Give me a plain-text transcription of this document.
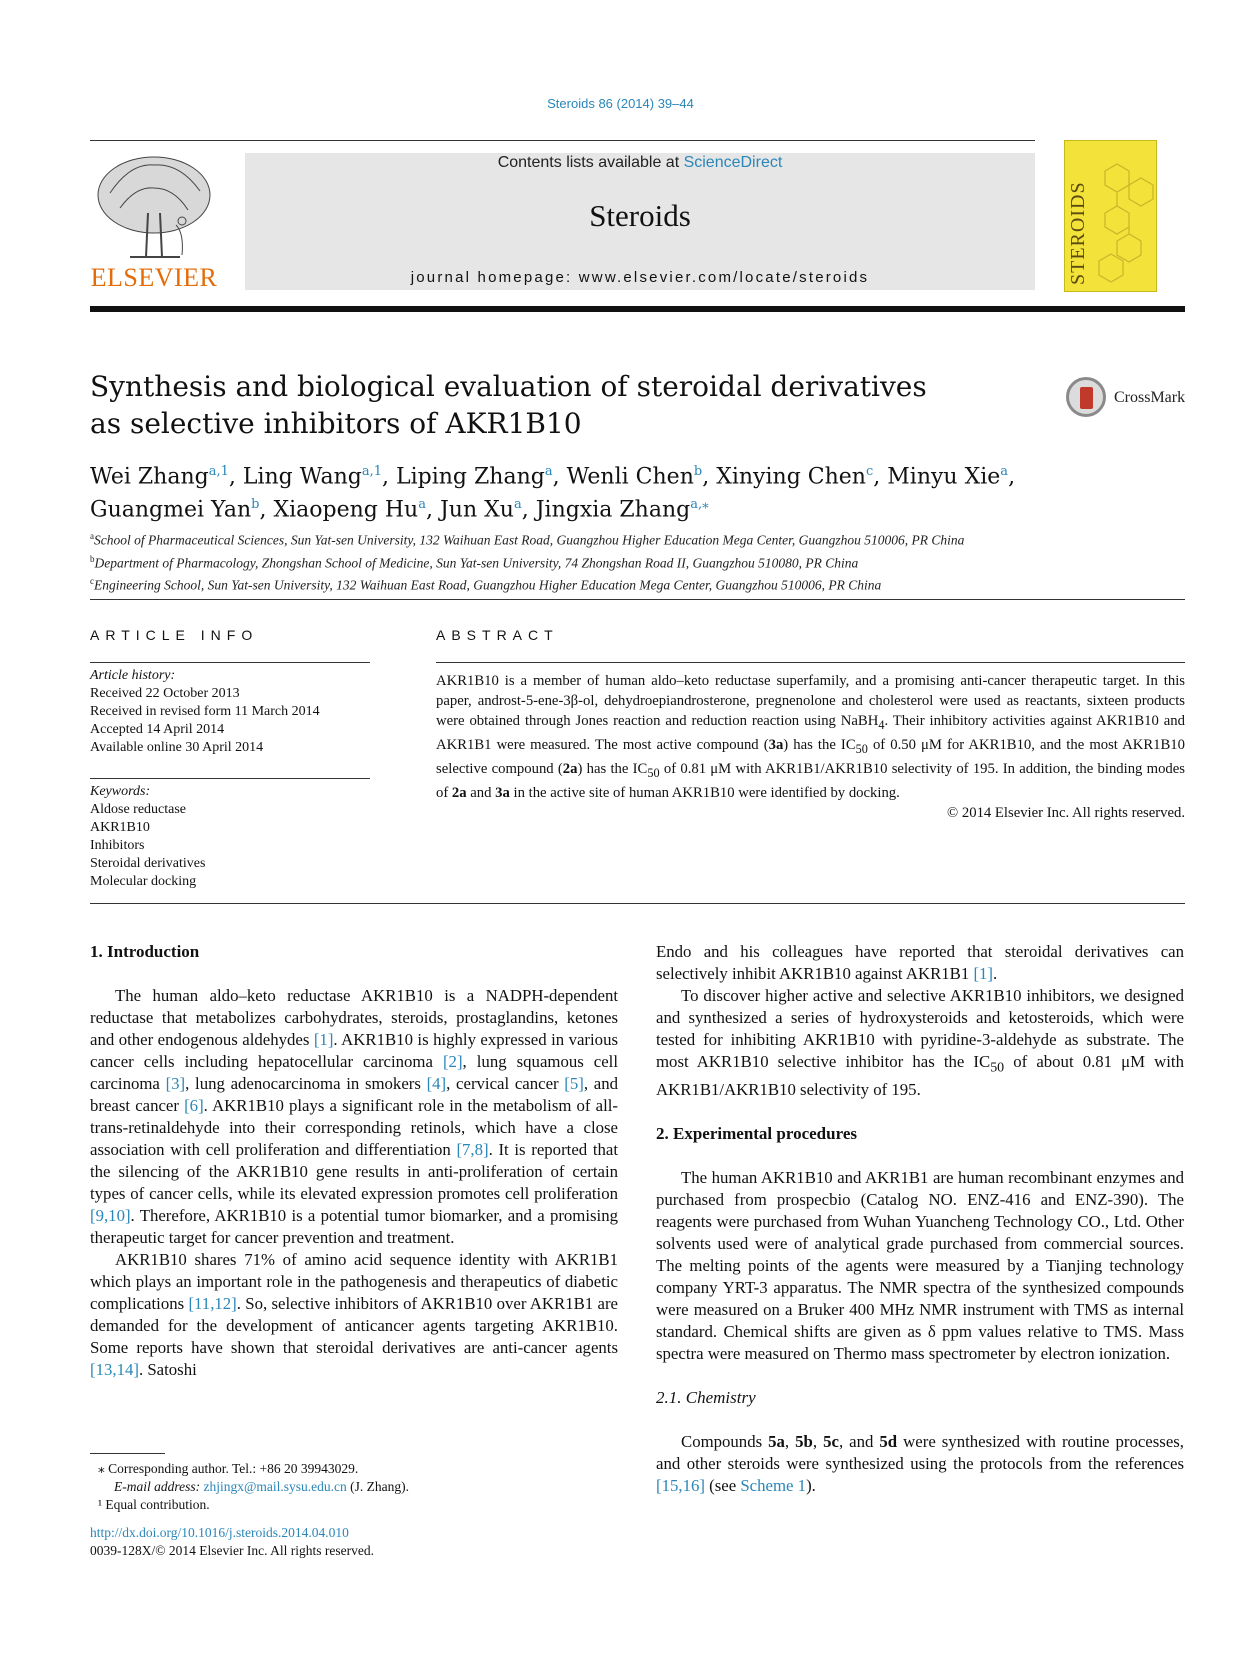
Steroids 86 (2014) 39–44
ELSEVIER
Contents lists available at ScienceDirect
Steroids
journal homepage: www.elsevier.com/locate/steroids	STEROIDS
Synthesis and biological evaluation of steroidal derivatives
as selective inhibitors of AKR1B10
CrossMark
Wei Zhang$^{a,1}$, Ling Wang$^{a,1}$, Liping Zhang$^a$, Wenli Chen$^b$, Xinying Chen$^c$, Minyu Xie$^a$,
Guangmei Yan$^b$, Xiaopeng Hu$^a$, Jun Xu$^a$, Jingxia Zhang$^{a,⁎}$
$^a$School of Pharmaceutical Sciences, Sun Yat-sen University, 132 Waihuan East Road, Guangzhou Higher Education Mega Center, Guangzhou 510006, PR China
$^b$Department of Pharmacology, Zhongshan School of Medicine, Sun Yat-sen University, 74 Zhongshan Road II, Guangzhou 510080, PR China
$^c$Engineering School, Sun Yat-sen University, 132 Waihuan East Road, Guangzhou Higher Education Mega Center, Guangzhou 510006, PR China
ARTICLE INFO
Article history:
Received 22 October 2013
Received in revised form 11 March 2014
Accepted 14 April 2014
Available online 30 April 2014
Keywords:
Aldose reductase
AKR1B10
Inhibitors
Steroidal derivatives
Molecular docking
ABSTRACT
AKR1B10 is a member of human aldo–keto reductase superfamily, and a promising anti-cancer therapeutic target. In this paper, androst-5-ene-3β-ol, dehydroepiandrosterone, pregnenolone and cholesterol were used as reactants, sixteen products were obtained through Jones reaction and reduction reaction using NaBH$_4$. Their inhibitory activities against AKR1B10 and AKR1B1 were measured. The most active compound (3a) has the $IC_{50}$ of 0.50 μM for AKR1B10, and the most AKR1B10 selective compound (2a) has the $IC_{50}$ of 0.81 μM with AKR1B1/AKR1B10 selectivity of 195. In addition, the binding modes of 2a and 3a in the active site of human AKR1B10 were identified by docking.
© 2014 Elsevier Inc. All rights reserved.
1. Introduction

The human aldo–keto reductase AKR1B10 is a NADPH-dependent reductase that metabolizes carbohydrates, steroids, prostaglandins, ketones and other endogenous aldehydes [1]. AKR1B10 is highly expressed in various cancer cells including hepatocellular carcinoma [2], lung squamous cell carcinoma [3], lung adenocarcinoma in smokers [4], cervical cancer [5], and breast cancer [6]. AKR1B10 plays a significant role in the metabolism of all-trans-retinaldehyde into their corresponding retinols, which have a close association with cell proliferation and differentiation [7,8]. It is reported that the silencing of the AKR1B10 gene results in anti-proliferation of certain types of cancer cells, while its elevated expression promotes cell proliferation [9,10]. Therefore, AKR1B10 is a potential tumor biomarker, and a promising therapeutic target for cancer prevention and treatment.

AKR1B10 shares 71% of amino acid sequence identity with AKR1B1 which plays an important role in the pathogenesis and therapeutics of diabetic complications [11,12]. So, selective inhibitors of AKR1B10 over AKR1B1 are demanded for the development of anticancer agents targeting AKR1B10. Some reports have shown that steroidal derivatives are anti-cancer agents [13,14]. Satoshi

Endo and his colleagues have reported that steroidal derivatives can selectively inhibit AKR1B10 against AKR1B1 [1].

To discover higher active and selective AKR1B10 inhibitors, we designed and synthesized a series of hydroxysteroids and ketosteroids, which were tested for inhibiting AKR1B10 with pyridine-3-aldehyde as substrate. The most AKR1B10 selective inhibitor has the $IC_{50}$ of about 0.81 μM with AKR1B1/AKR1B10 selectivity of 195.

2. Experimental procedures

The human AKR1B10 and AKR1B1 are human recombinant enzymes and purchased from prospecbio (Catalog NO. ENZ-416 and ENZ-390). The reagents were purchased from Wuhan Yuancheng Technology CO., Ltd. Other solvents used were of analytical grade purchased from commercial sources. The melting points of the agents were measured by a Tianjing technology company YRT-3 apparatus. The NMR spectra of the synthesized compounds were measured on a Bruker 400 MHz NMR instrument with TMS as internal standard. Chemical shifts are given as δ ppm values relative to TMS. Mass spectra were measured on Thermo mass spectrometer by electron ionization.

2.1. Chemistry

Compounds 5a, 5b, 5c, and 5d were synthesized with routine processes, and other steroids were synthesized using the protocols from the references [15,16] (see Scheme 1).

⁎ Corresponding author. Tel.: +86 20 39943029.
E-mail address: zhjingx@mail.sysu.edu.cn (J. Zhang).
¹ Equal contribution.
http://dx.doi.org/10.1016/j.steroids.2014.04.010
0039-128X/© 2014 Elsevier Inc. All rights reserved.
